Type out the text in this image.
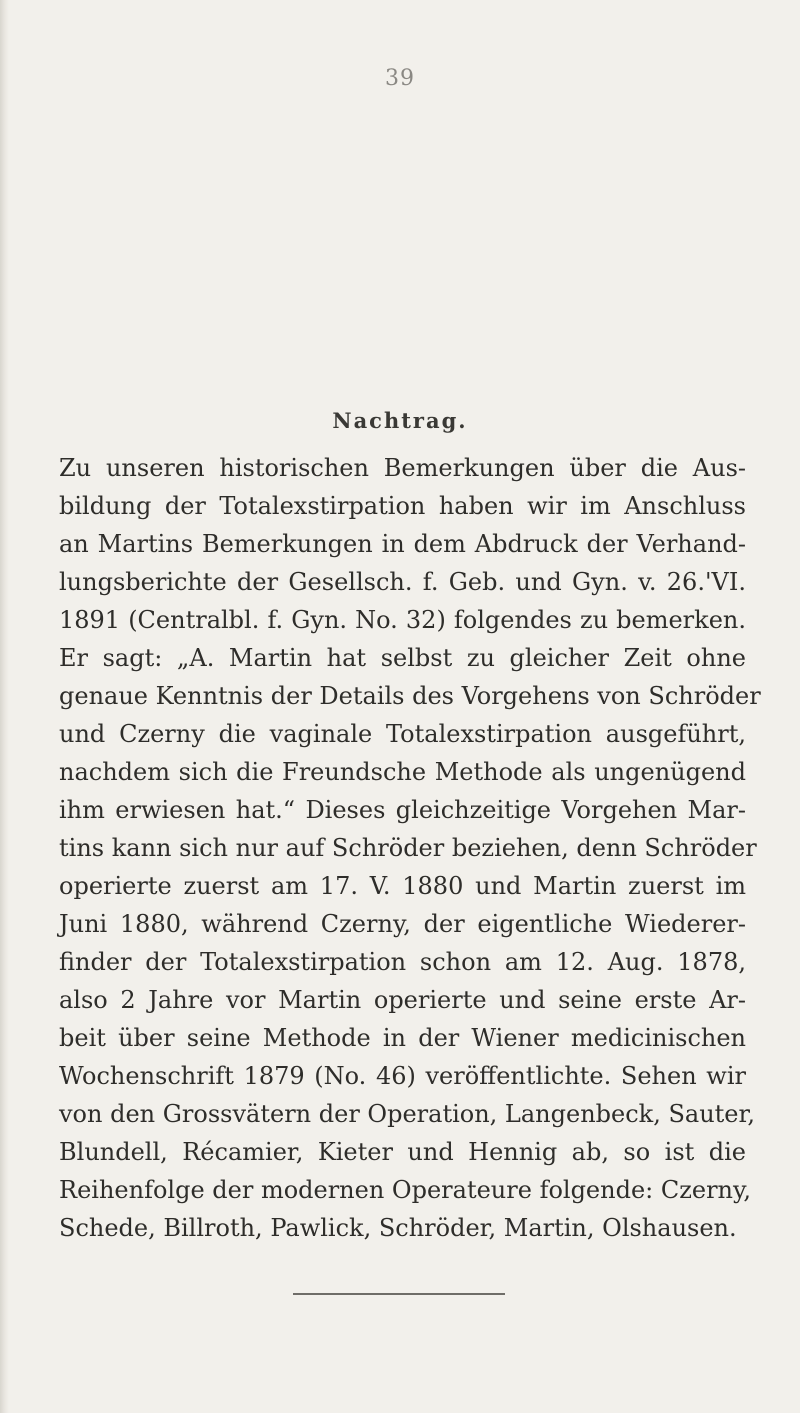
39
Nachtrag.
Zu unseren historischen Bemerkungen über die Aus-
bildung der Totalexstirpation haben wir im Anschluss
an Martins Bemerkungen in dem Abdruck der Verhand-
lungsberichte der Gesellsch. f. Geb. und Gyn. v. 26.'VI.
1891 (Centralbl. f. Gyn. No. 32) folgendes zu bemerken.
Er sagt: „A. Martin hat selbst zu gleicher Zeit ohne
genaue Kenntnis der Details des Vorgehens von Schröder
und Czerny die vaginale Totalexstirpation ausgeführt,
nachdem sich die Freundsche Methode als ungenügend
ihm erwiesen hat.“ Dieses gleichzeitige Vorgehen Mar-
tins kann sich nur auf Schröder beziehen, denn Schröder
operierte zuerst am 17. V. 1880 und Martin zuerst im
Juni 1880, während Czerny, der eigentliche Wiederer-
finder der Totalexstirpation schon am 12. Aug. 1878,
also 2 Jahre vor Martin operierte und seine erste Ar-
beit über seine Methode in der Wiener medicinischen
Wochenschrift 1879 (No. 46) veröffentlichte. Sehen wir
von den Grossvätern der Operation, Langenbeck, Sauter,
Blundell, Récamier, Kieter und Hennig ab, so ist die
Reihenfolge der modernen Operateure folgende: Czerny,
Schede, Billroth, Pawlick, Schröder, Martin, Olshausen.
